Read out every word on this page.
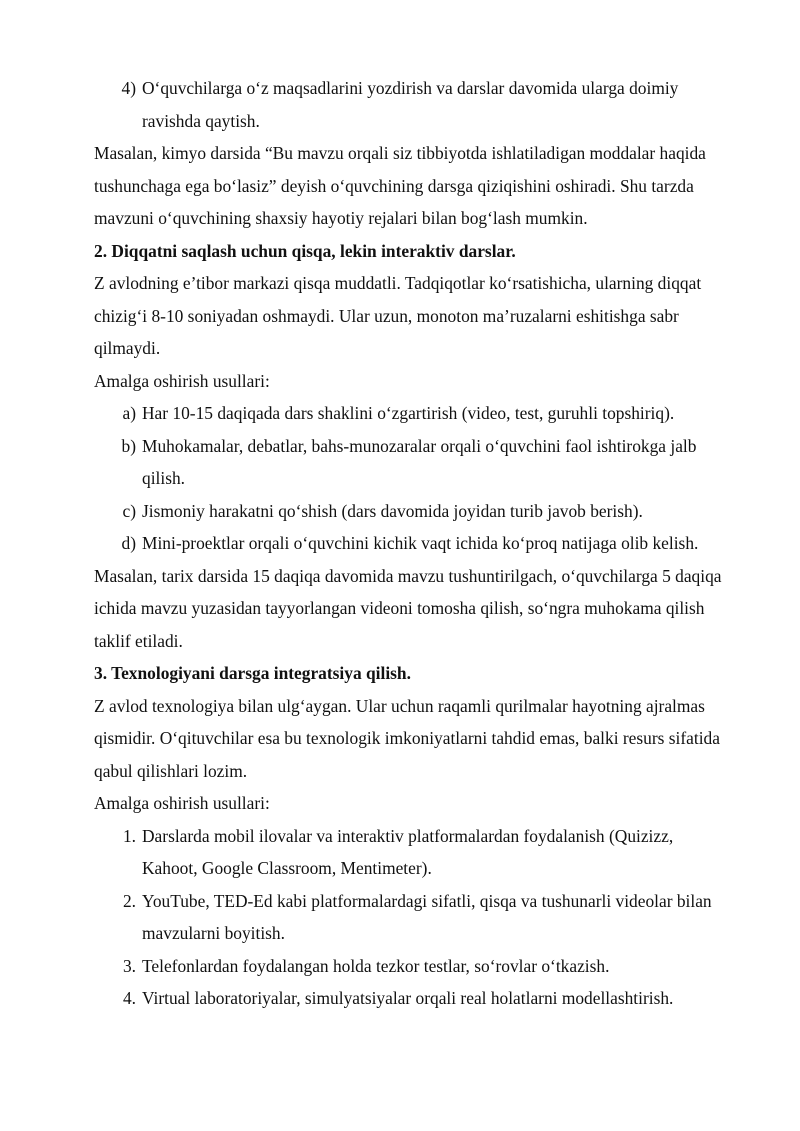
4) O‘quvchilarga o‘z maqsadlarini yozdirish va darslar davomida ularga doimiy ravishda qaytish.

Masalan, kimyo darsida “Bu mavzu orqali siz tibbiyotda ishlatiladigan moddalar haqida tushunchaga ega bo‘lasiz” deyish o‘quvchining darsga qiziqishini oshiradi. Shu tarzda mavzuni o‘quvchining shaxsiy hayotiy rejalari bilan bog‘lash mumkin.

2. Diqqatni saqlash uchun qisqa, lekin interaktiv darslar.

Z avlodning e’tibor markazi qisqa muddatli. Tadqiqotlar ko‘rsatishicha, ularning diqqat chizig‘i 8-10 soniyadan oshmaydi. Ular uzun, monoton ma’ruzalarni eshitishga sabr qilmaydi.

Amalga oshirish usullari:

a) Har 10-15 daqiqada dars shaklini o‘zgartirish (video, test, guruhli topshiriq).
b) Muhokamalar, debatlar, bahs-munozaralar orqali o‘quvchini faol ishtirokga jalb qilish.
c) Jismoniy harakatni qo‘shish (dars davomida joyidan turib javob berish).
d) Mini-proektlar orqali o‘quvchini kichik vaqt ichida ko‘proq natijaga olib kelish.

Masalan, tarix darsida 15 daqiqa davomida mavzu tushuntirilgach, o‘quvchilarga 5 daqiqa ichida mavzu yuzasidan tayyorlangan videoni tomosha qilish, so‘ngra muhokama qilish taklif etiladi.

3. Texnologiyani darsga integratsiya qilish.

Z avlod texnologiya bilan ulg‘aygan. Ular uchun raqamli qurilmalar hayotning ajralmas qismidir. O‘qituvchilar esa bu texnologik imkoniyatlarni tahdid emas, balki resurs sifatida qabul qilishlari lozim.

Amalga oshirish usullari:

1. Darslarda mobil ilovalar va interaktiv platformalardan foydalanish (Quizizz, Kahoot, Google Classroom, Mentimeter).
2. YouTube, TED-Ed kabi platformalardagi sifatli, qisqa va tushunarli videolar bilan mavzularni boyitish.
3. Telefonlardan foydalangan holda tezkor testlar, so‘rovlar o‘tkazish.
4. Virtual laboratoriyalar, simulyatsiyalar orqali real holatlarni modellashtirish.
